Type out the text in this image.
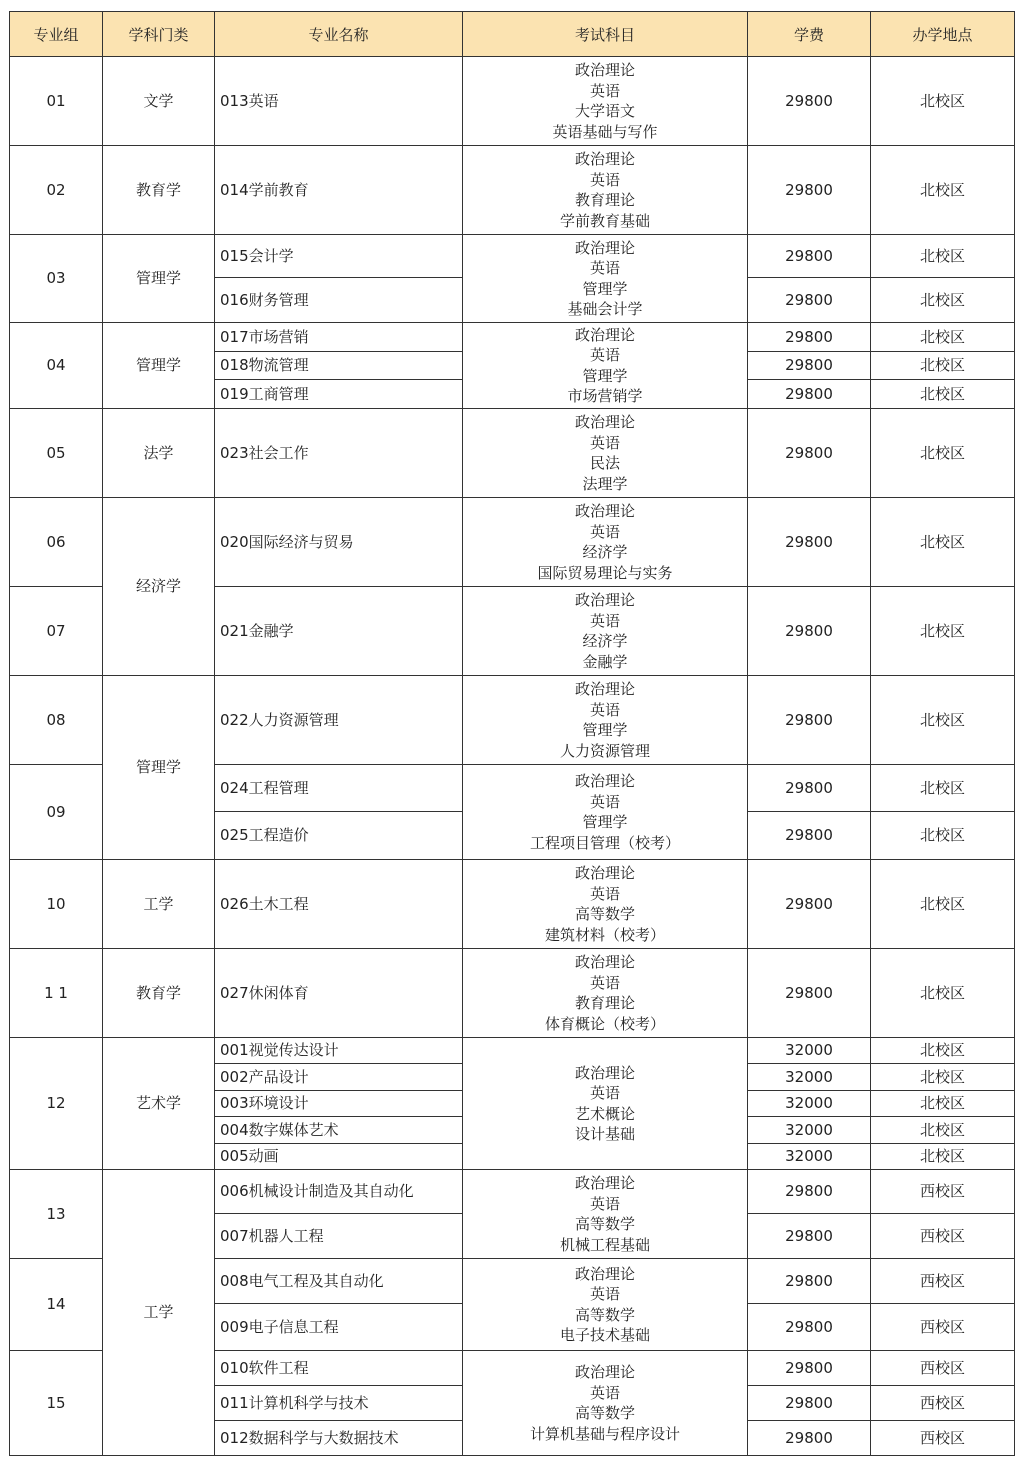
专业组	学科门类	专业名称	考试科目	学费	办学地点
01	文学	013英语	政治理论
英语
大学语文
英语基础与写作	29800	北校区
02	教育学	014学前教育	政治理论
英语
教育理论
学前教育基础	29800	北校区
03	管理学	015会计学	政治理论
英语
管理学
基础会计学	29800	北校区
		016财务管理		29800	北校区
04	管理学	017市场营销	政治理论
英语
管理学
市场营销学	29800	北校区
		018物流管理		29800	北校区
		019工商管理		29800	北校区
05	法学	023社会工作	政治理论
英语
民法
法理学	29800	北校区
06	经济学	020国际经济与贸易	政治理论
英语
经济学
国际贸易理论与实务	29800	北校区
07		021金融学	政治理论
英语
经济学
金融学	29800	北校区
08	管理学	022人力资源管理	政治理论
英语
管理学
人力资源管理	29800	北校区
09		024工程管理	政治理论
英语
管理学
工程项目管理（校考）	29800	北校区
		025工程造价		29800	北校区
10	工学	026土木工程	政治理论
英语
高等数学
建筑材料（校考）	29800	北校区
1 1	教育学	027休闲体育	政治理论
英语
教育理论
体育概论（校考）	29800	北校区
12	艺术学	001视觉传达设计	政治理论
英语
艺术概论
设计基础	32000	北校区
		002产品设计		32000	北校区
		003环境设计		32000	北校区
		004数字媒体艺术		32000	北校区
		005动画		32000	北校区
13	工学	006机械设计制造及其自动化	政治理论
英语
高等数学
机械工程基础	29800	西校区
		007机器人工程		29800	西校区
14		008电气工程及其自动化	政治理论
英语
高等数学
电子技术基础	29800	西校区
		009电子信息工程		29800	西校区
15		010软件工程	政治理论
英语
高等数学
计算机基础与程序设计	29800	西校区
		011计算机科学与技术		29800	西校区
		012数据科学与大数据技术		29800	西校区
